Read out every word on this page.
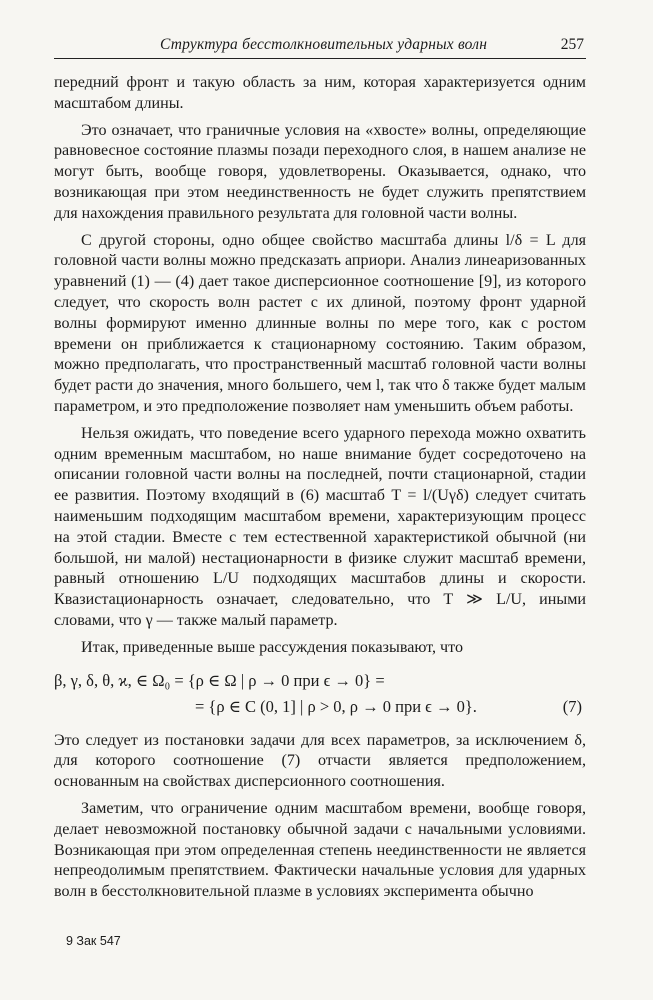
Структура бесстолкновительных ударных волн	257

передний фронт и такую область за ним, которая характеризуется одним масштабом длины.

Это означает, что граничные условия на «хвосте» волны, определяющие равновесное состояние плазмы позади переходного слоя, в нашем анализе не могут быть, вообще говоря, удовлетворены. Оказывается, однако, что возникающая при этом неединственность не будет служить препятствием для нахождения правильного результата для головной части волны.

С другой стороны, одно общее свойство масштаба длины l/δ = L для головной части волны можно предсказать априори. Анализ линеаризованных уравнений (1) — (4) дает такое дисперсионное соотношение [9], из которого следует, что скорость волн растет с их длиной, поэтому фронт ударной волны формируют именно длинные волны по мере того, как с ростом времени он приближается к стационарному состоянию. Таким образом, можно предполагать, что пространственный масштаб головной части волны будет расти до значения, много большего, чем l, так что δ также будет малым параметром, и это предположение позволяет нам уменьшить объем работы.

Нельзя ожидать, что поведение всего ударного перехода можно охватить одним временным масштабом, но наше внимание будет сосредоточено на описании головной части волны на последней, почти стационарной, стадии ее развития. Поэтому входящий в (6) масштаб T = l/(Uγδ) следует считать наименьшим подходящим масштабом времени, характеризующим процесс на этой стадии. Вместе с тем естественной характеристикой обычной (ни большой, ни малой) нестационарности в физике служит масштаб времени, равный отношению L/U подходящих масштабов длины и скорости. Квазистационарность означает, следовательно, что T ≫ L/U, иными словами, что γ — также малый параметр.

Итак, приведенные выше рассуждения показывают, что

β, γ, δ, θ, ϰ, ∈ Ω₀ = {ρ ∈ Ω | ρ → 0 при ϵ → 0} =
= {ρ ∈ C (0, 1] | ρ > 0, ρ → 0 при ϵ → 0}.	(7)

Это следует из постановки задачи для всех параметров, за исключением δ, для которого соотношение (7) отчасти является предположением, основанным на свойствах дисперсионного соотношения.

Заметим, что ограничение одним масштабом времени, вообще говоря, делает невозможной постановку обычной задачи с начальными условиями. Возникающая при этом определенная степень неединственности не является непреодолимым препятствием. Фактически начальные условия для ударных волн в бесстолкновительной плазме в условиях эксперимента обычно

9 Зак 547
